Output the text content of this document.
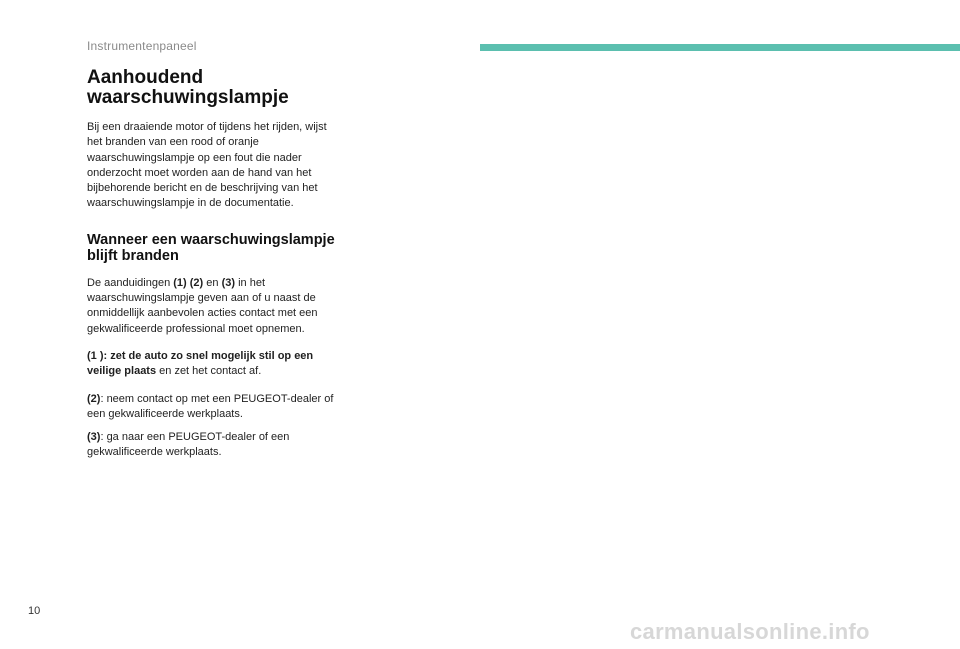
Instrumentenpaneel
Aanhoudend waarschuwingslampje

Bij een draaiende motor of tijdens het rijden, wijst het branden van een rood of oranje waarschuwingslampje op een fout die nader onderzocht moet worden aan de hand van het bijbehorende bericht en de beschrijving van het waarschuwingslampje in de documentatie.

Wanneer een waarschuwingslampje blijft branden

De aanduidingen (1) (2) en (3) in het waarschuwingslampje geven aan of u naast de onmiddellijk aanbevolen acties contact met een gekwalificeerde professional moet opnemen.

(1 ): zet de auto zo snel mogelijk stil op een veilige plaats en zet het contact af.

(2): neem contact op met een PEUGEOT-dealer of een gekwalificeerde werkplaats.

(3): ga naar een PEUGEOT-dealer of een gekwalificeerde werkplaats.

10
carmanualsonline.info
